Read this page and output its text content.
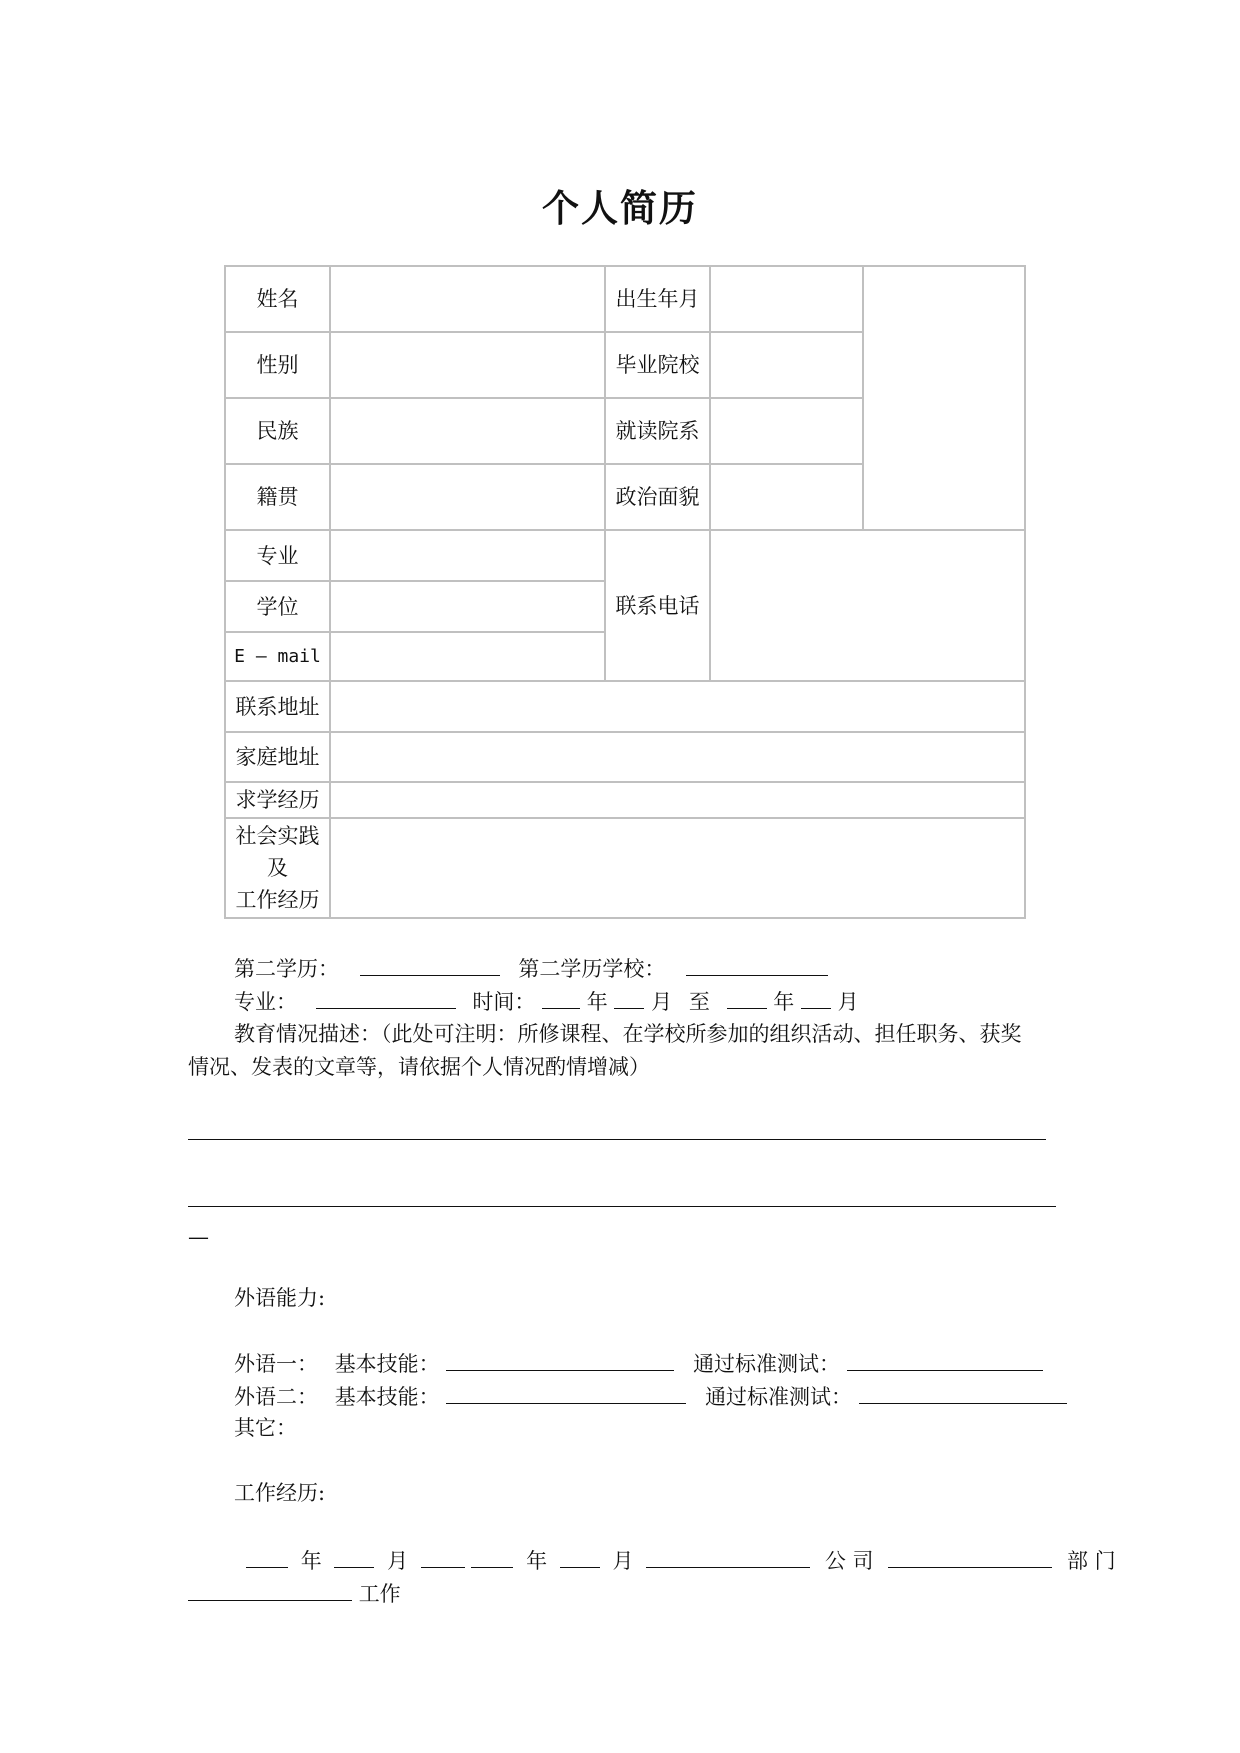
个人简历
姓名	出生年月
性别	毕业院校
民族	就读院系
籍贯	政治面貌
专业
学位
E — mail
联系电话
联系地址
家庭地址
求学经历
社会实践
及
工作经历
第二学历：	第二学历学校：
专业：	时间： 年 月 至	年 月
教育情况描述：（此处可注明：所修课程、在学校所参加的组织活动、担任职务、获奖
情况、发表的文章等，请依据个人情况酌情增减）
—
外语能力:
外语一： 基本技能：	通过标准测试：
外语二： 基本技能：	通过标准测试：
其它：
工作经历:
年	月	年	月	公 司	部 门
工作
